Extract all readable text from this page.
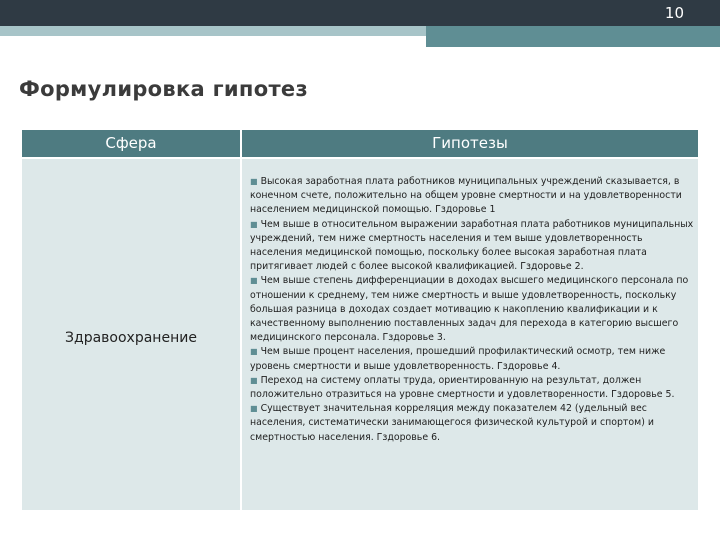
10
Формулировка гипотез
Сфера	Гипотезы
Здравоохранение
■ Высокая заработная плата работников муниципальных учреждений сказывается, в конечном счете, положительно на общем уровне смертности и на удовлетворенности населением медицинской помощью. Гздоровье 1
■ Чем выше в относительном выражении заработная плата работников муниципальных учреждений, тем ниже смертность населения и тем выше удовлетворенность населения медицинской помощью, поскольку более высокая заработная плата притягивает людей с более высокой квалификацией. Гздоровье 2.
■ Чем выше степень дифференциации в доходах высшего медицинского персонала по отношении к среднему, тем ниже смертность и выше удовлетворенность, поскольку большая разница в доходах создает мотивацию к накоплению квалификации и к качественному выполнению поставленных задач для перехода в категорию высшего медицинского персонала. Гздоровье 3.
■ Чем выше процент населения, прошедший профилактический осмотр, тем ниже уровень смертности и выше удовлетворенность. Гздоровье 4.
■ Переход на систему оплаты труда, ориентированную на результат, должен положительно отразиться на уровне смертности и удовлетворенности. Гздоровье 5.
■ Существует значительная корреляция между показателем 42 (удельный вес населения, систематически занимающегося физической культурой и спортом) и смертностью населения. Гздоровье 6.
